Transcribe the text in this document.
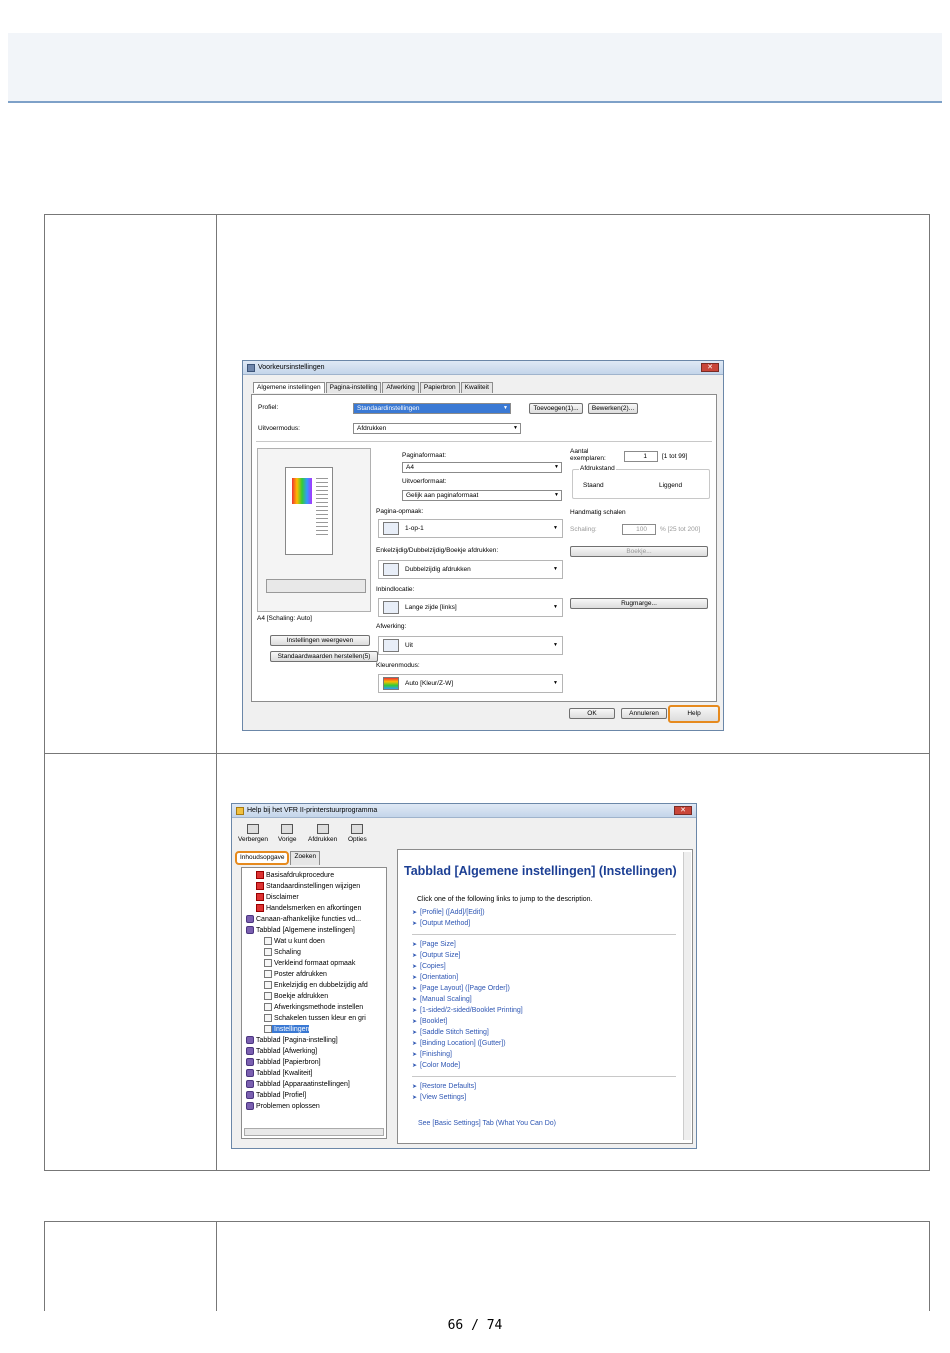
Voorkeursinstellingen	✕
Algemene instellingen	Pagina-instelling	Afwerking	Papierbron	Kwaliteit
Profiel:	Standaardinstellingen	▼	Toevoegen(1)...	Bewerken(2)...
Uitvoermodus:	Afdrukken	▼
A4 [Schaling: Auto]
Instellingen weergeven
Standaardwaarden herstellen(5)
Paginaformaat:
A4	▼
Uitvoerformaat:
Gelijk aan paginaformaat	▼
Pagina-opmaak:
1-op-1	▼
Enkelzijdig/Dubbelzijdig/Boekje afdrukken:
Dubbelzijdig afdrukken	▼
Inbindlocatie:
Lange zijde [links]	▼
Afwerking:
Uit	▼
Kleurenmodus:
Auto [Kleur/Z-W]	▼
Aantal exemplaren:	1	[1 tot 99]
Afdrukstand
Staand	Liggend
Handmatig schalen
Schaling:	100	% [25 tot 200]
Boekje...
Rugmarge...
OK	Annuleren	Help
Help bij het VFR II-printerstuurprogramma	✕
Verbergen Vorige Afdrukken Opties
Inhoudsopgave	Zoeken
Basisafdrukprocedure
Standaardinstellingen wijzigen
Disclaimer
Handelsmerken en afkortingen
Canaan-afhankelijke functies vd...
Tabblad [Algemene instellingen]
Wat u kunt doen
Schaling
Verkleind formaat opmaak
Poster afdrukken
Enkelzijdig en dubbelzijdig afd
Boekje afdrukken
Afwerkingsmethode instellen
Schakelen tussen kleur en gri
Instellingen
Tabblad [Pagina-instelling]
Tabblad [Afwerking]
Tabblad [Papierbron]
Tabblad [Kwaliteit]
Tabblad [Apparaatinstellingen]
Tabblad [Profiel]
Problemen oplossen
Tabblad [Algemene instellingen] (Instellingen)
Click one of the following links to jump to the description.
➤ [Profile] ([Add]/[Edit])
➤ [Output Method]
➤ [Page Size]
➤ [Output Size]
➤ [Copies]
➤ [Orientation]
➤ [Page Layout] ([Page Order])
➤ [Manual Scaling]
➤ [1-sided/2-sided/Booklet Printing]
➤ [Booklet]
➤ [Saddle Stitch Setting]
➤ [Binding Location] ([Gutter])
➤ [Finishing]
➤ [Color Mode]
➤ [Restore Defaults]
➤ [View Settings]
See [Basic Settings] Tab (What You Can Do)
66 / 74
